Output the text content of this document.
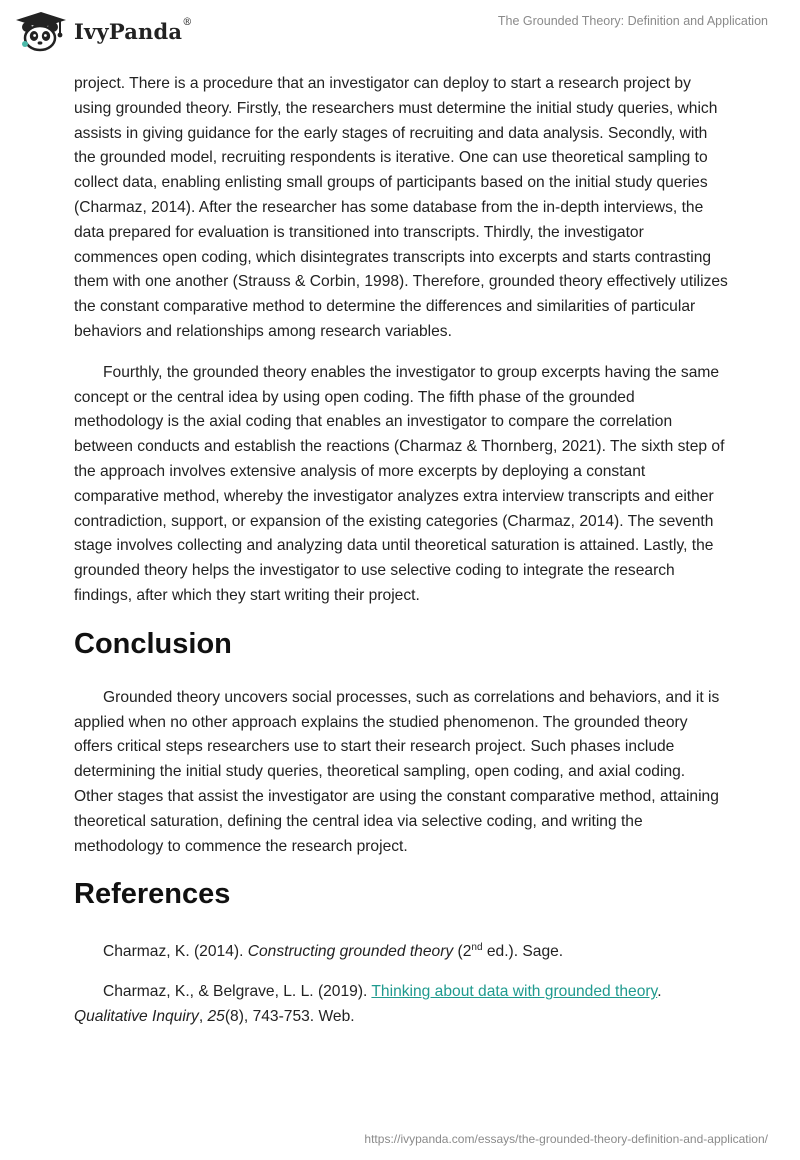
IvyPanda®	The Grounded Theory: Definition and Application

project. There is a procedure that an investigator can deploy to start a research project by using grounded theory. Firstly, the researchers must determine the initial study queries, which assists in giving guidance for the early stages of recruiting and data analysis. Secondly, with the grounded model, recruiting respondents is iterative. One can use theoretical sampling to collect data, enabling enlisting small groups of participants based on the initial study queries (Charmaz, 2014). After the researcher has some database from the in-depth interviews, the data prepared for evaluation is transitioned into transcripts. Thirdly, the investigator commences open coding, which disintegrates transcripts into excerpts and starts contrasting them with one another (Strauss & Corbin, 1998). Therefore, grounded theory effectively utilizes the constant comparative method to determine the differences and similarities of particular behaviors and relationships among research variables.

Fourthly, the grounded theory enables the investigator to group excerpts having the same concept or the central idea by using open coding. The fifth phase of the grounded methodology is the axial coding that enables an investigator to compare the correlation between conducts and establish the reactions (Charmaz & Thornberg, 2021). The sixth step of the approach involves extensive analysis of more excerpts by deploying a constant comparative method, whereby the investigator analyzes extra interview transcripts and either contradiction, support, or expansion of the existing categories (Charmaz, 2014). The seventh stage involves collecting and analyzing data until theoretical saturation is attained. Lastly, the grounded theory helps the investigator to use selective coding to integrate the research findings, after which they start writing their project.

Conclusion

Grounded theory uncovers social processes, such as correlations and behaviors, and it is applied when no other approach explains the studied phenomenon. The grounded theory offers critical steps researchers use to start their research project. Such phases include determining the initial study queries, theoretical sampling, open coding, and axial coding. Other stages that assist the investigator are using the constant comparative method, attaining theoretical saturation, defining the central idea via selective coding, and writing the methodology to commence the research project.

References

Charmaz, K. (2014). Constructing grounded theory (2nd ed.). Sage.

Charmaz, K., & Belgrave, L. L. (2019). Thinking about data with grounded theory. Qualitative Inquiry, 25(8), 743-753. Web.

https://ivypanda.com/essays/the-grounded-theory-definition-and-application/
